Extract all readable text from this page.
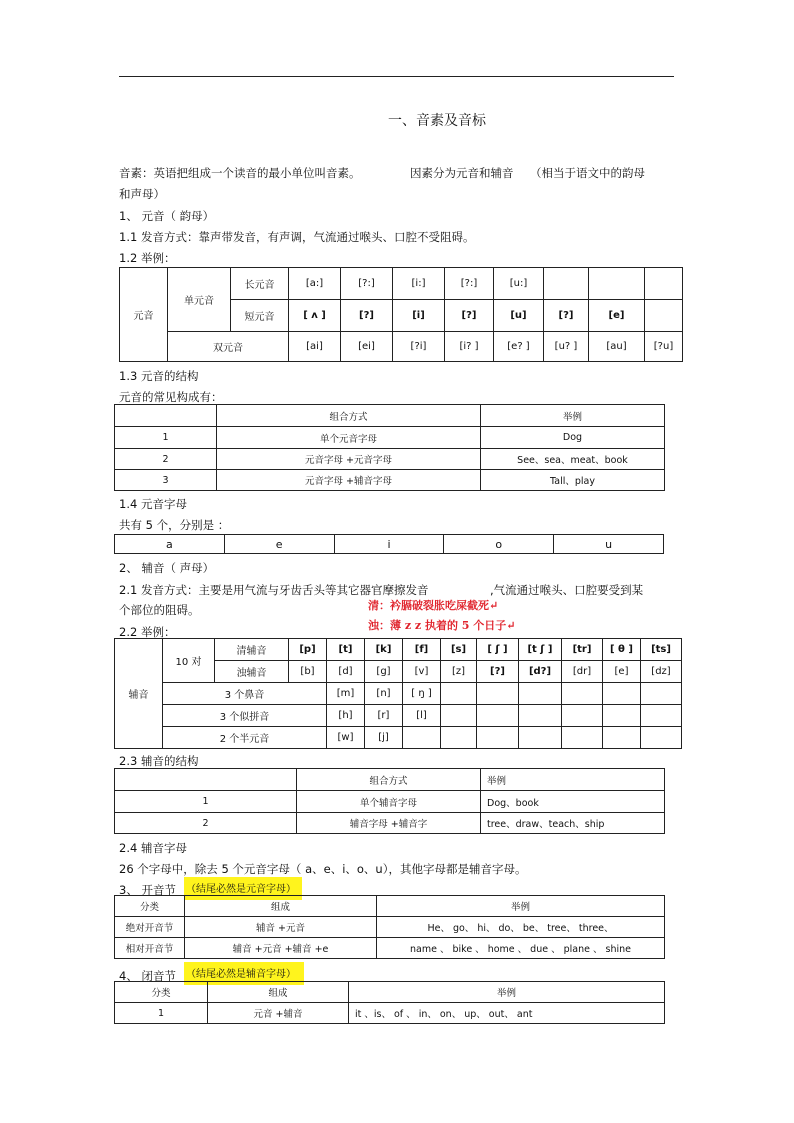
一、音素及音标
音素：英语把组成一个读音的最小单位叫音素。	因素分为元音和辅音 （相当于语文中的韵母
和声母）
1、 元音（ 韵母）
1.1 发音方式：靠声带发音，有声调，气流通过喉头、口腔不受阻碍。
1.2 举例：
元音	单元音	长元音	[a:]	[?:]	[i:]	[?:]	[u:]			
		短元音	[ ʌ ]	[?]	[i]	[?]	[u]	[?]	[e]	
	双元音		[ai]	[ei]	[?i]	[i? ]	[e? ]	[u? ]	[au]	[?u]
1.3 元音的结构
元音的常见构成有：
	组合方式	举例
1	单个元音字母	Dog
2	元音字母 +元音字母	See、sea、meat、book
3	元音字母 +辅音字母	Tall、play
1.4 元音字母
共有 5 个，分别是 ：
a	e	i	o	u
2、 辅音（ 声母）
2.1 发音方式：主要是用气流与牙齿舌头等其它器官摩擦发音	,气流通过喉头、口腔要受到某
个部位的阻碍。	清：衿膈破裂胀吃屎截死↵
浊：薄 z z 执着的 5 个日子↵
2.2 举例：
辅音	10 对	清辅音	[p]	[t]	[k]	[f]	[s]	[ ʃ ]	[t ʃ ]	[tr]	[ θ ]	[ts]	
		浊辅音	[b]	[d]	[g]	[v]	[z]	[?]	[d?]	[dr]	[e]	[dz]	
	3 个鼻音			[m]	[n]	[ ŋ ]							
	3 个似拼音			[h]	[r]	[l]							
	2 个半元音			[w]	[j]								
2.3 辅音的结构
	组合方式	举例
1	单个辅音字母	Dog、book
2	辅音字母 +辅音字	tree、draw、teach、ship
2.4 辅音字母
26 个字母中，除去 5 个元音字母（ a、e、i、o、u），其他字母都是辅音字母。
3、 开音节 （结尾必然是元音字母）
分类	组成	举例
绝对开音节	辅音 +元音	He、 go、 hi、 do、 be、 tree、 three、
相对开音节	辅音 +元音 +辅音 +e	name 、 bike 、 home 、 due 、 plane 、 shine
4、 闭音节 （结尾必然是辅音字母）
分类	组成	举例
1	元音 +辅音	it 、is、 of 、 in、 on、 up、 out、 ant
